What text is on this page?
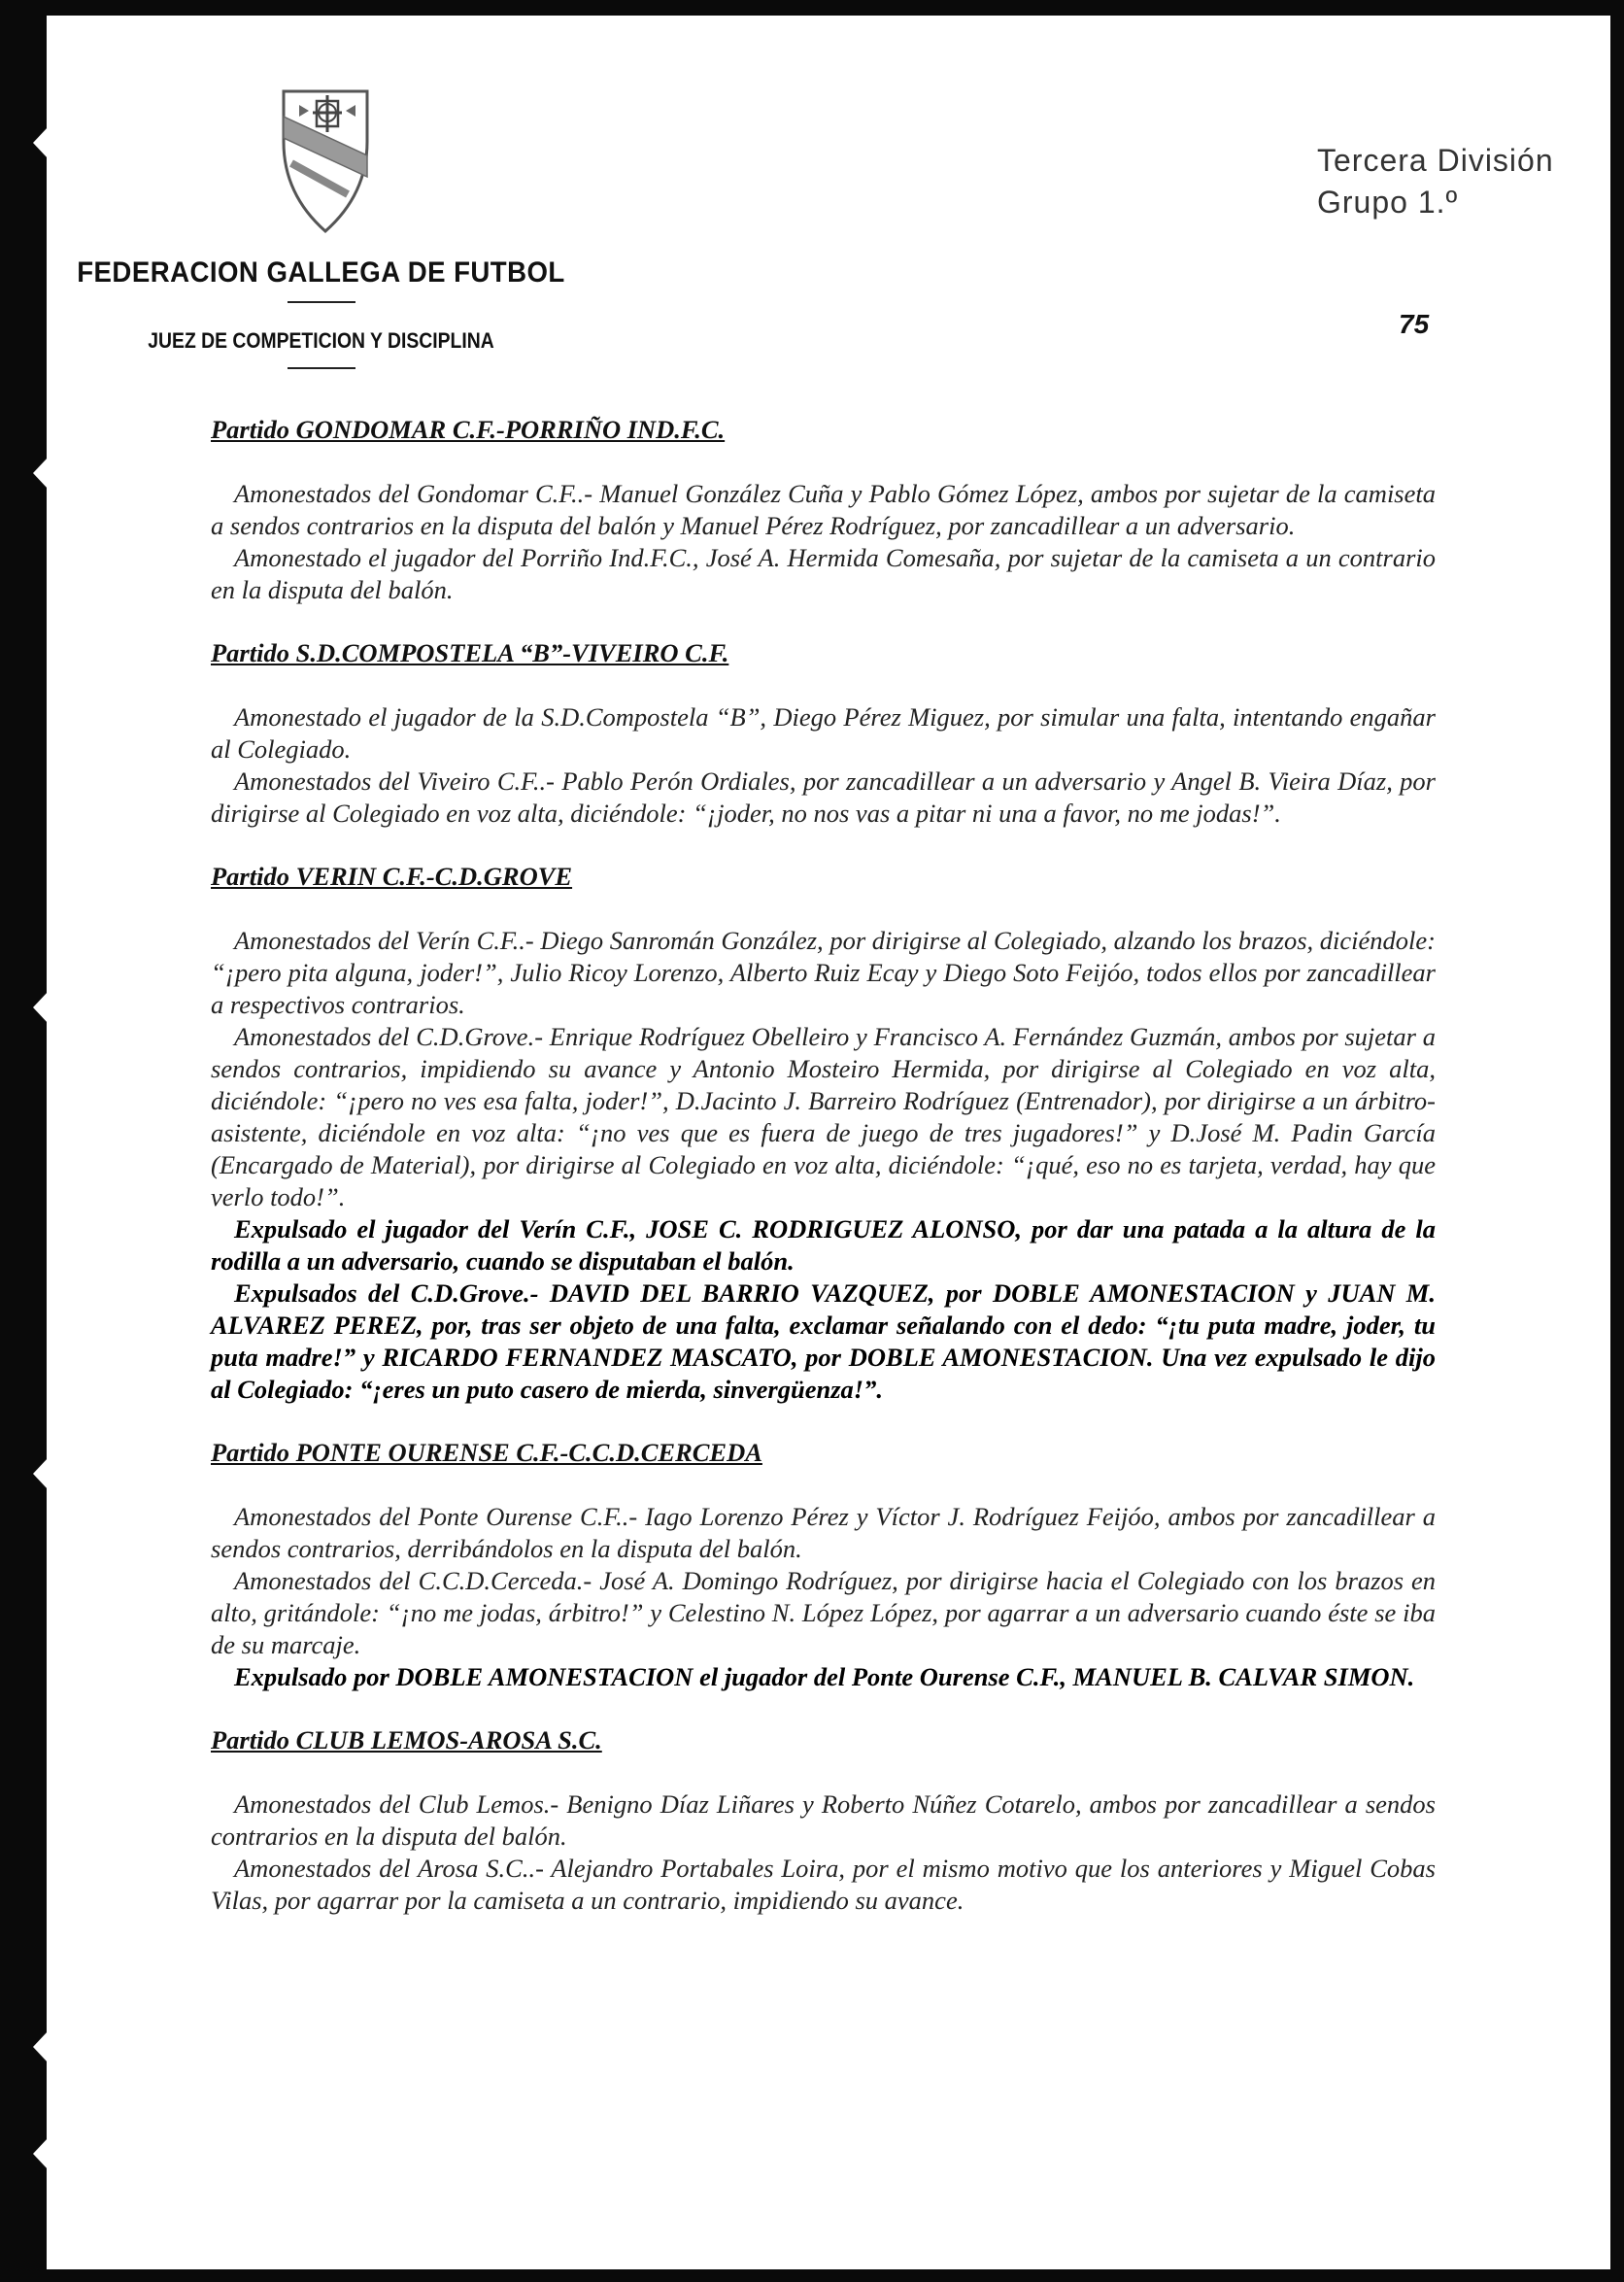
FEDERACION GALLEGA DE FUTBOL
JUEZ DE COMPETICION Y DISCIPLINA
Tercera División
Grupo 1.º
75
Partido GONDOMAR C.F.-PORRIÑO IND.F.C.

Amonestados del Gondomar C.F..- Manuel González Cuña y Pablo Gómez López, ambos por sujetar de la camiseta a sendos contrarios en la disputa del balón y Manuel Pérez Rodríguez, por zancadillear a un adversario.

Amonestado el jugador del Porriño Ind.F.C., José A. Hermida Comesaña, por sujetar de la camiseta a un contrario en la disputa del balón.

Partido S.D.COMPOSTELA “B”-VIVEIRO C.F.

Amonestado el jugador de la S.D.Compostela “B”, Diego Pérez Miguez, por simular una falta, intentando engañar al Colegiado.

Amonestados del Viveiro C.F..- Pablo Perón Ordiales, por zancadillear a un adversario y Angel B. Vieira Díaz, por dirigirse al Colegiado en voz alta, diciéndole: “¡joder, no nos vas a pitar ni una a favor, no me jodas!”.

Partido VERIN C.F.-C.D.GROVE

Amonestados del Verín C.F..- Diego Sanromán González, por dirigirse al Colegiado, alzando los brazos, diciéndole: “¡pero pita alguna, joder!”, Julio Ricoy Lorenzo, Alberto Ruiz Ecay y Diego Soto Feijóo, todos ellos por zancadillear a respectivos contrarios.

Amonestados del C.D.Grove.- Enrique Rodríguez Obelleiro y Francisco A. Fernández Guzmán, ambos por sujetar a sendos contrarios, impidiendo su avance y Antonio Mosteiro Hermida, por dirigirse al Colegiado en voz alta, diciéndole: “¡pero no ves esa falta, joder!”, D.Jacinto J. Barreiro Rodríguez (Entrenador), por dirigirse a un árbitro-asistente, diciéndole en voz alta: “¡no ves que es fuera de juego de tres jugadores!” y D.José M. Padin García (Encargado de Material), por dirigirse al Colegiado en voz alta, diciéndole: “¡qué, eso no es tarjeta, verdad, hay que verlo todo!”.

Expulsado el jugador del Verín C.F., JOSE C. RODRIGUEZ ALONSO, por dar una patada a la altura de la rodilla a un adversario, cuando se disputaban el balón.

Expulsados del C.D.Grove.- DAVID DEL BARRIO VAZQUEZ, por DOBLE AMONESTACION y JUAN M. ALVAREZ PEREZ, por, tras ser objeto de una falta, exclamar señalando con el dedo: “¡tu puta madre, joder, tu puta madre!” y RICARDO FERNANDEZ MASCATO, por DOBLE AMONESTACION. Una vez expulsado le dijo al Colegiado: “¡eres un puto casero de mierda, sinvergüenza!”.

Partido PONTE OURENSE C.F.-C.C.D.CERCEDA

Amonestados del Ponte Ourense C.F..- Iago Lorenzo Pérez y Víctor J. Rodríguez Feijóo, ambos por zancadillear a sendos contrarios, derribándolos en la disputa del balón.

Amonestados del C.C.D.Cerceda.- José A. Domingo Rodríguez, por dirigirse hacia el Colegiado con los brazos en alto, gritándole: “¡no me jodas, árbitro!” y Celestino N. López López, por agarrar a un adversario cuando éste se iba de su marcaje.

Expulsado por DOBLE AMONESTACION el jugador del Ponte Ourense C.F., MANUEL B. CALVAR SIMON.

Partido CLUB LEMOS-AROSA S.C.

Amonestados del Club Lemos.- Benigno Díaz Liñares y Roberto Núñez Cotarelo, ambos por zancadillear a sendos contrarios en la disputa del balón.

Amonestados del Arosa S.C..- Alejandro Portabales Loira, por el mismo motivo que los anteriores y Miguel Cobas Vilas, por agarrar por la camiseta a un contrario, impidiendo su avance.
